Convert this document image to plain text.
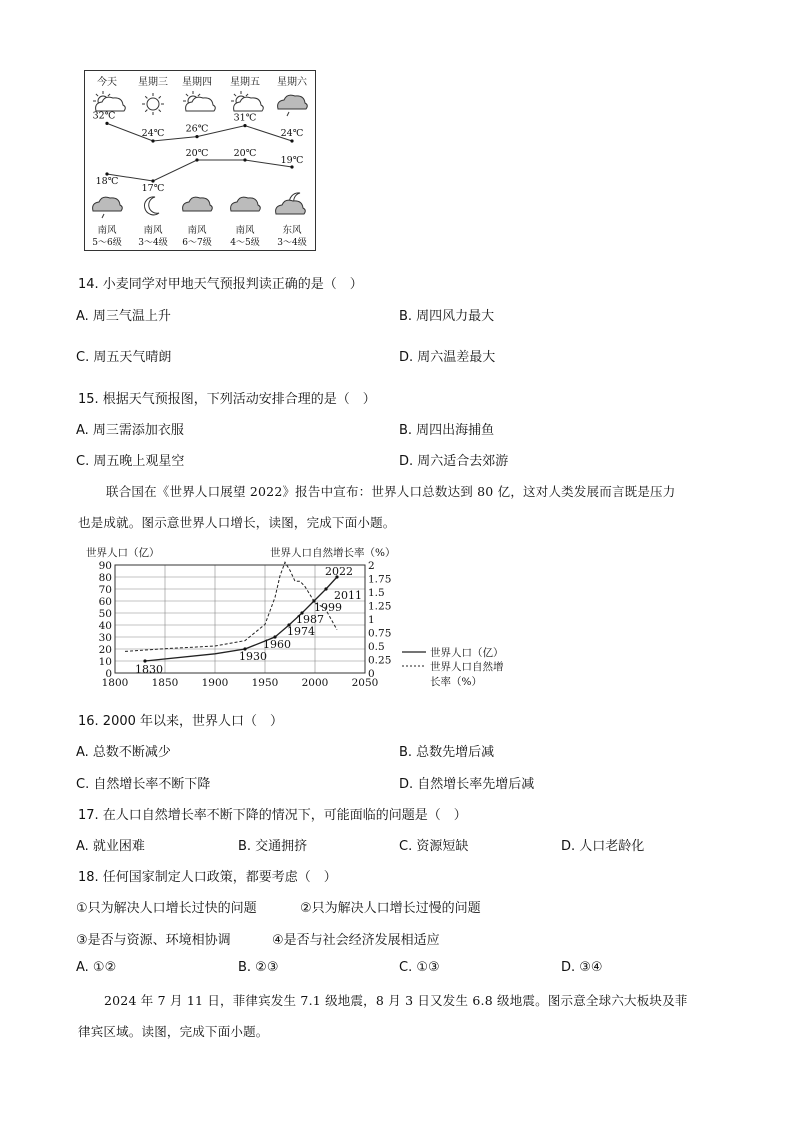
今天 星期三 星期四 星期五 星期六
32℃
24℃ 26℃
31℃
24℃
18℃
17℃
20℃	20℃
19℃
南风
5～6级
南风
3～4级
南风
6～7级
南风
4～5级
东风
3～4级
14. 小麦同学对甲地天气预报判读正确的是（　）
A. 周三气温上升	B. 周四风力最大
C. 周五天气晴朗	D. 周六温差最大
15. 根据天气预报图，下列活动安排合理的是（　）
A. 周三需添加衣服	B. 周四出海捕鱼
C. 周五晚上观星空	D. 周六适合去郊游
联合国在《世界人口展望 2022》报告中宣布：世界人口总数达到 80 亿，这对人类发展而言既是压力
也是成就。图示意世界人口增长，读图，完成下面小题。
世界人口（亿）	世界人口自然增长率（%）
0
10
20
30
40
50
60
70
80
90
1800 1850 1900 1950 2000 2050
0
0.25
0.5
0.75
1
1.25
1.5
1.75
2
1830
1930
1960
1974
1987
1999
2011
2022
世界人口（亿）
世界人口自然增
长率（%）
16. 2000 年以来，世界人口（　）
A. 总数不断减少	B. 总数先增后减
C. 自然增长率不断下降	D. 自然增长率先增后减
17. 在人口自然增长率不断下降的情况下，可能面临的问题是（　）
A. 就业困难	B. 交通拥挤	C. 资源短缺	D. 人口老龄化
18. 任何国家制定人口政策，都要考虑（　）
①只为解决人口增长过快的问题	②只为解决人口增长过慢的问题
③是否与资源、环境相协调	④是否与社会经济发展相适应
A. ①②	B. ②③	C. ①③	D. ③④
2024 年 7 月 11 日，菲律宾发生 7.1 级地震，8 月 3 日又发生 6.8 级地震。图示意全球六大板块及菲
律宾区域。读图，完成下面小题。
